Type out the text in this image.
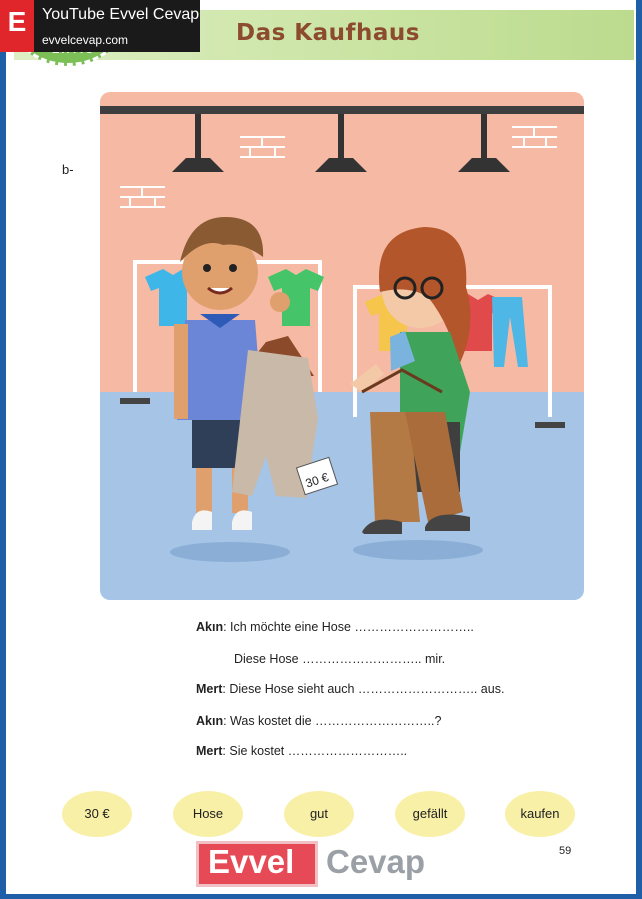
Das Kaufhaus
E YouTube Evvel Cevap
evvelcevap.com
b-
30 €
Akın: Ich möchte eine Hose ………………………..
Diese Hose ……………………….. mir.
Mert: Diese Hose sieht auch ……………………….. aus.
Akın: Was kostet die ………………………..?
Mert: Sie kostet ………………………..
30 €	Hose	gut	gefällt	kaufen
59
Evvel Cevap
